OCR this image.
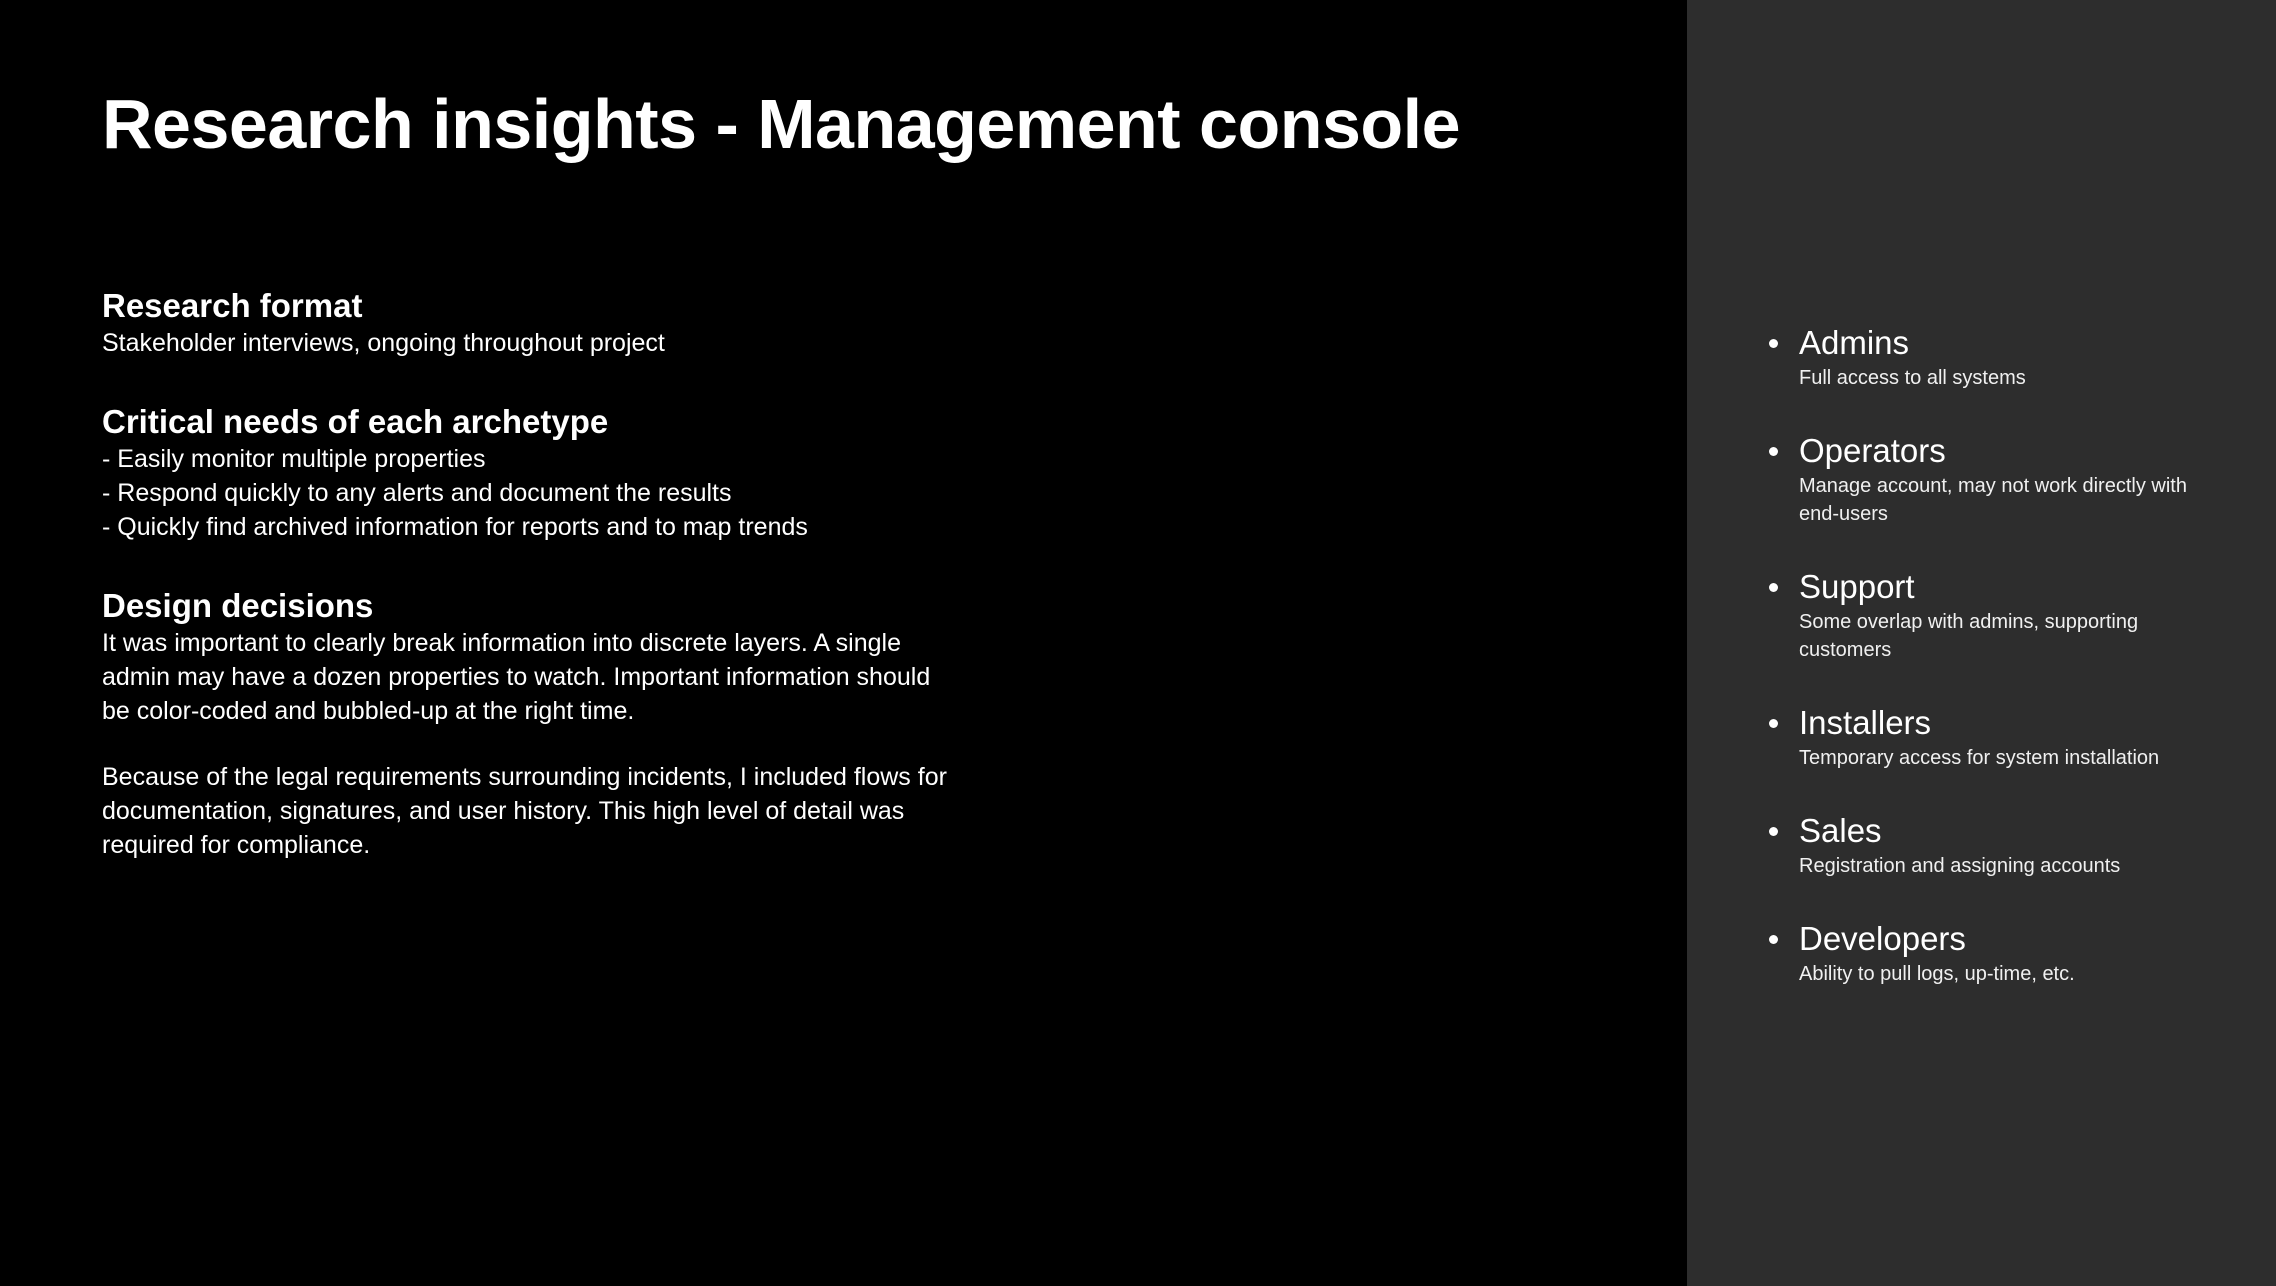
Research insights - Management console
Research format

Stakeholder interviews, ongoing throughout project

Critical needs of each archetype
- Easily monitor multiple properties
- Respond quickly to any alerts and document the results
- Quickly find archived information for reports and to map trends
Design decisions

It was important to clearly break information into discrete layers. A single admin may have a dozen properties to watch. Important information should be color-coded and bubbled-up at the right time.

Because of the legal requirements surrounding incidents, I included flows for documentation, signatures, and user history. This high level of detail was required for compliance.

Admins
Full access to all systems
Operators
Manage account, may not work directly with end-users
Support
Some overlap with admins, supporting customers
Installers
Temporary access for system installation
Sales
Registration and assigning accounts
Developers
Ability to pull logs, up-time, etc.
